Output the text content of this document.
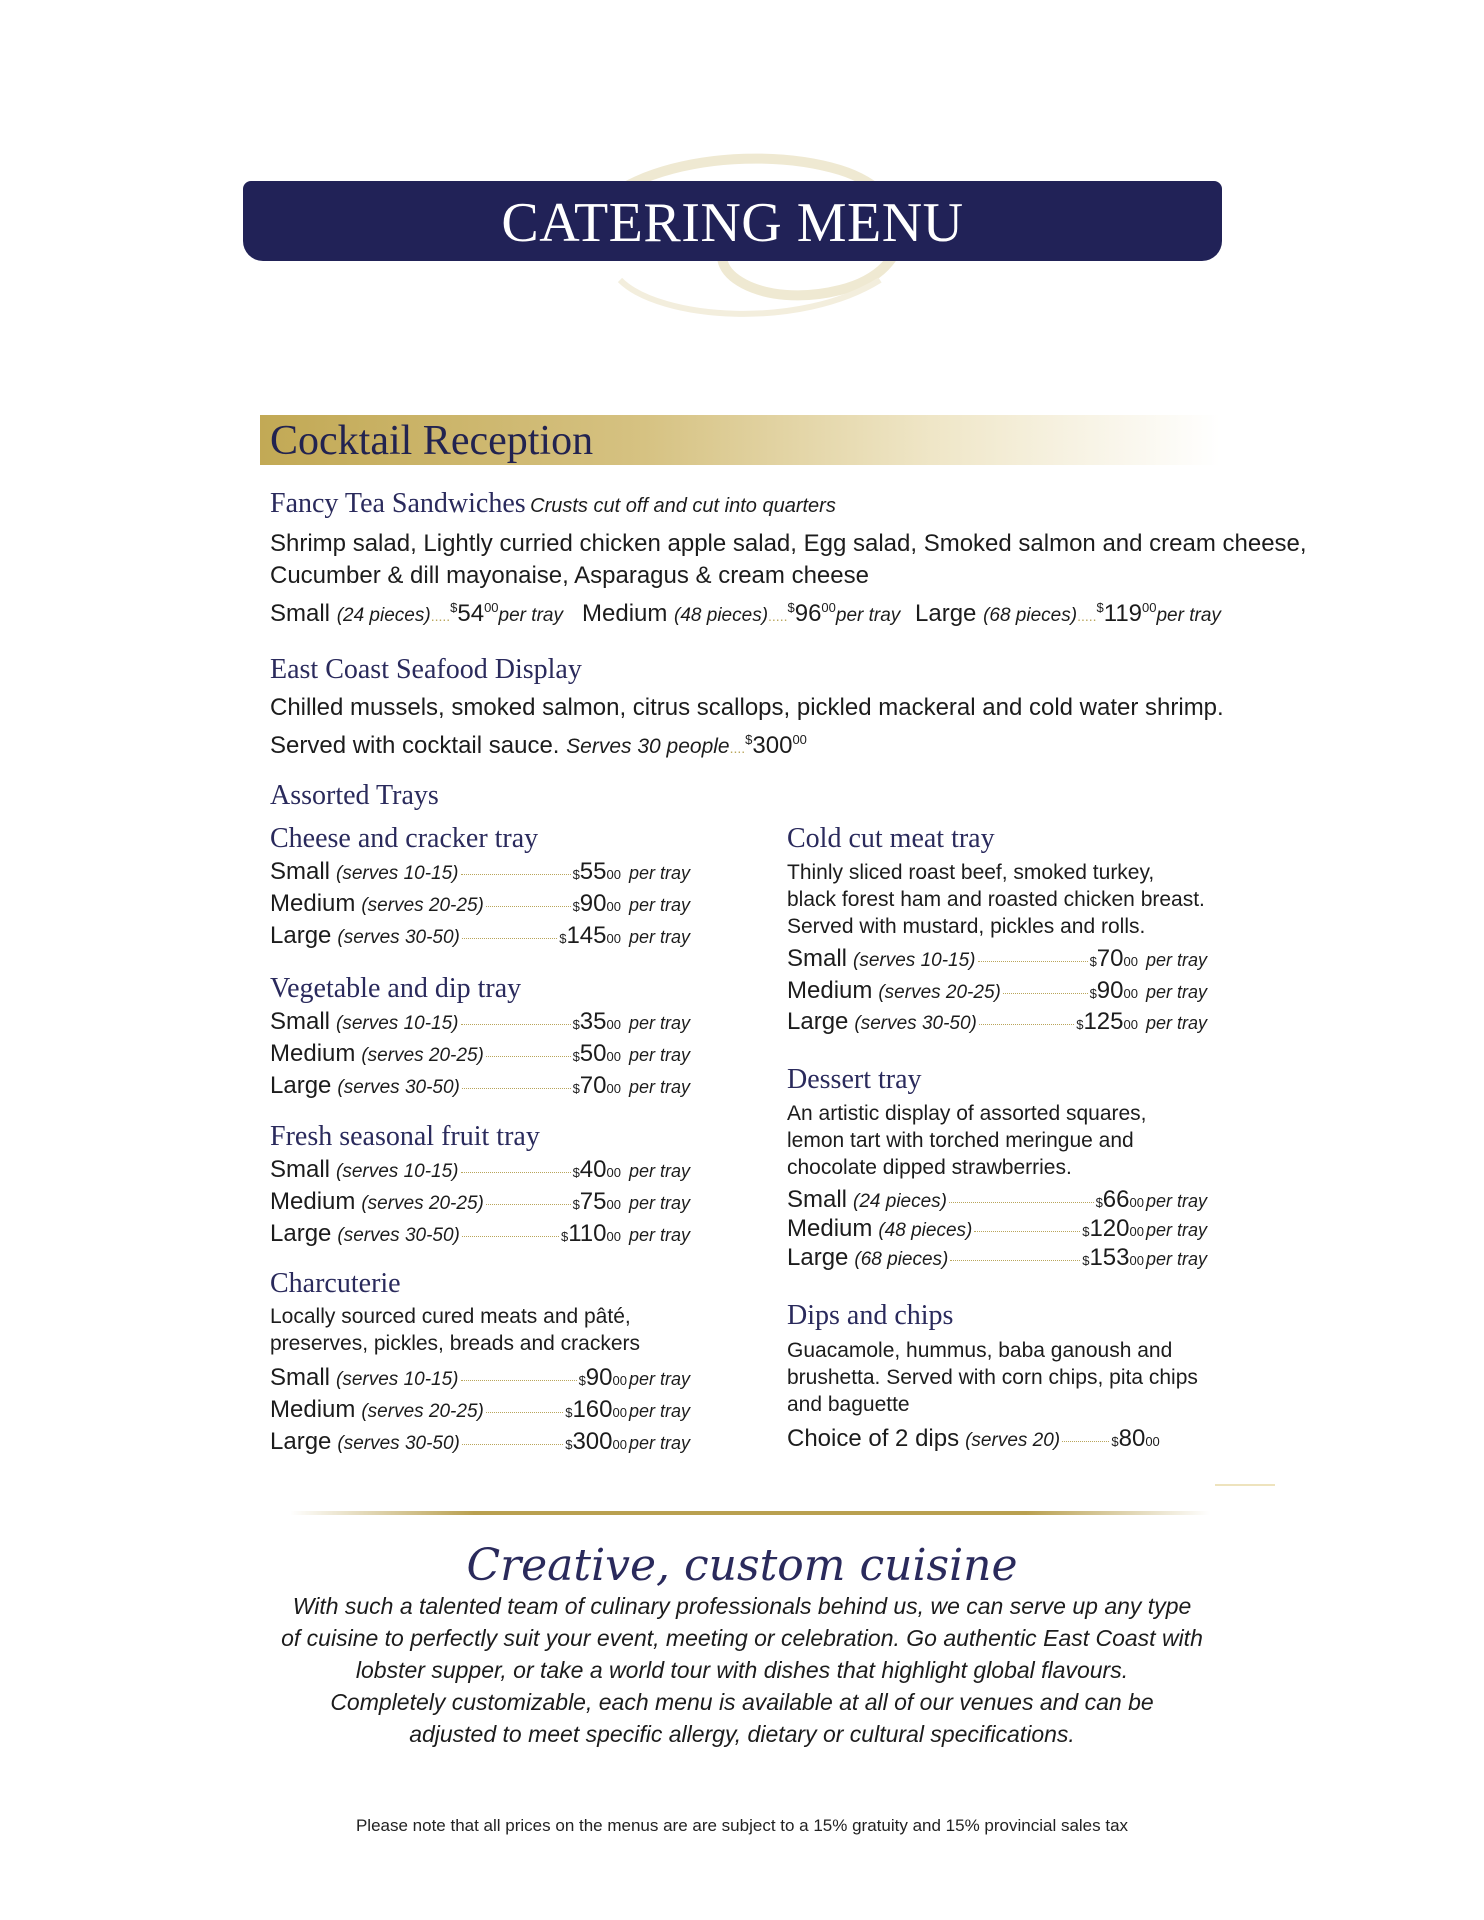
CATERING MENU
Cocktail Reception
Fancy Tea Sandwiches Crusts cut off and cut into quarters
Shrimp salad, Lightly curried chicken apple salad, Egg salad, Smoked salmon and cream cheese,
Cucumber & dill mayonaise, Asparagus & cream cheese
Small (24 $pieces).....^{\$}54^{00}per$ tray Medium (48 $pieces).....^{\$}96^{00}per$ tray Large (68 $pieces).....^{\$}119^{00}per$ tray
East Coast Seafood Display
Chilled mussels, smoked salmon, citrus scallops, pickled mackeral and cold water shrimp.
Served with cocktail sauce. Serves 30 $people....^{\$}300^{00}$
Assorted Trays
Cheese and cracker tray
Small (serves 10-15)	$ 55 00 per tray
Medium (serves 20-25)	$ 90 00 per tray
Large (serves 30-50)	$ 145 00 per tray
Vegetable and dip tray
Small (serves 10-15)	$ 35 00 per tray
Medium (serves 20-25)	$ 50 00 per tray
Large (serves 30-50)	$ 70 00 per tray
Fresh seasonal fruit tray
Small (serves 10-15)	$ 40 00 per tray
Medium (serves 20-25)	$ 75 00 per tray
Large (serves 30-50)	$ 110 00 per tray
Charcuterie
Locally sourced cured meats and pâté,
preserves, pickles, breads and crackers
Small (serves 10-15)	$ 90 00 per tray
Medium (serves 20-25)	$ 160 00 per tray
Large (serves 30-50)	$ 300 00 per tray
Cold cut meat tray
Thinly sliced roast beef, smoked turkey,
black forest ham and roasted chicken breast.
Served with mustard, pickles and rolls.
Small (serves 10-15)	$ 70 00 per tray
Medium (serves 20-25)	$ 90 00 per tray
Large (serves 30-50)	$ 125 00 per tray
Dessert tray
An artistic display of assorted squares,
lemon tart with torched meringue and
chocolate dipped strawberries.
Small (24 pieces)	$ 66 00 per tray
Medium (48 pieces)	$ 120 00 per tray
Large (68 pieces)	$ 153 00 per tray
Dips and chips
Guacamole, hummus, baba ganoush and
brushetta. Served with corn chips, pita chips
and baguette
Choice of 2 dips (serves 20)	$ 80 00
Creative, custom cuisine
With such a talented team of culinary professionals behind us, we can serve up any type
of cuisine to perfectly suit your event, meeting or celebration. Go authentic East Coast with
lobster supper, or take a world tour with dishes that highlight global flavours.
Completely customizable, each menu is available at all of our venues and can be
adjusted to meet specific allergy, dietary or cultural specifications.
Please note that all prices on the menus are are subject to a 15% gratuity and 15% provincial sales tax
